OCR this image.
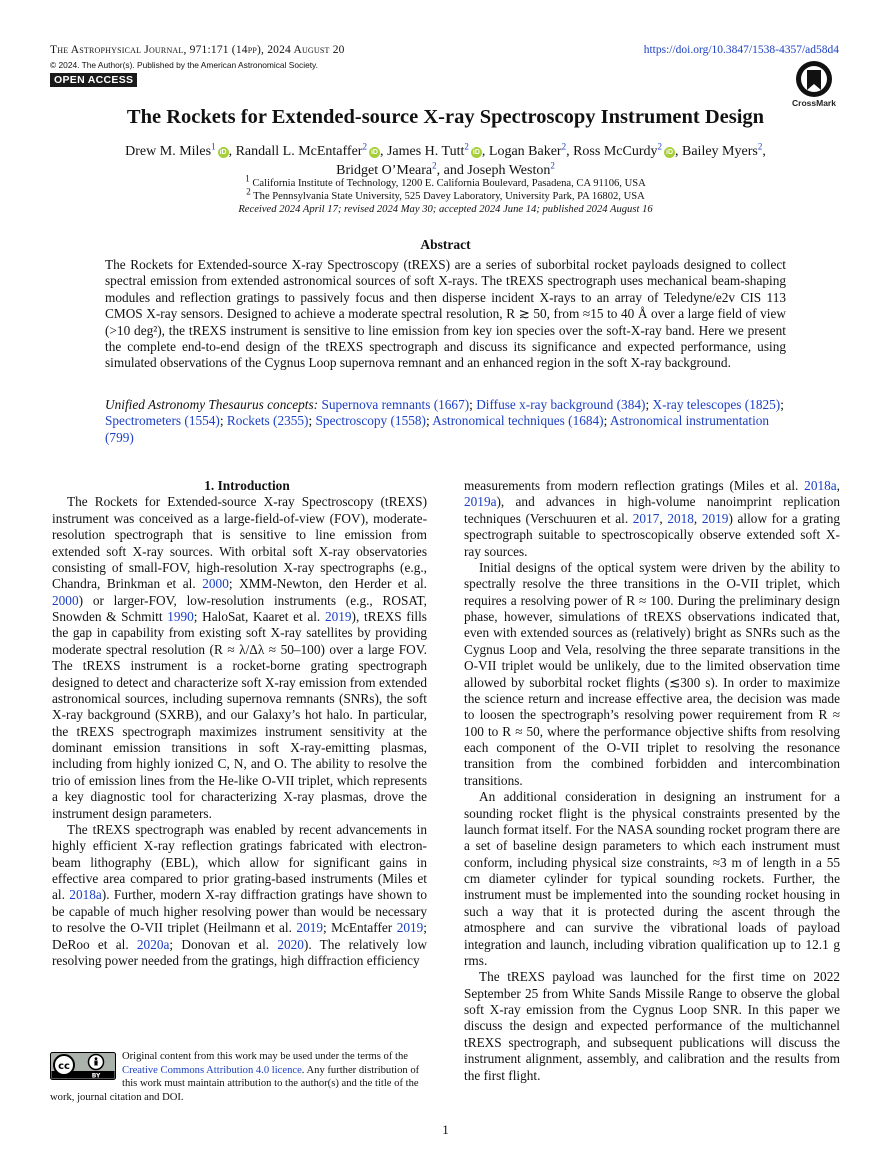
The Astrophysical Journal, 971:171 (14pp), 2024 August 20
© 2024. The Author(s). Published by the American Astronomical Society.
OPEN ACCESS
https://doi.org/10.3847/1538-4357/ad58d4
CrossMark
The Rockets for Extended-source X-ray Spectroscopy Instrument Design
Drew M. Miles$^1$iD , Randall L. McEntaffer$^2$iD , James H. Tutt$^2$iD , Logan Baker$^2$, Ross McCurdy$^2$iD , Bailey Myers$^2$,
Bridget O’Meara$^2$, and Joseph Weston$^2$
$^1$ California Institute of Technology, 1200 E. California Boulevard, Pasadena, CA 91106, USA
$^2$ The Pennsylvania State University, 525 Davey Laboratory, University Park, PA 16802, USA
Received 2024 April 17; revised 2024 May 30; accepted 2024 June 14; published 2024 August 16
Abstract
The Rockets for Extended-source X-ray Spectroscopy (tREXS) are a series of suborbital rocket payloads designed to collect spectral emission from extended astronomical sources of soft X-rays. The tREXS spectrograph uses mechanical beam-shaping modules and reflection gratings to passively focus and then disperse incident X-rays to an array of Teledyne/e2v CIS 113 CMOS X-ray sensors. Designed to achieve a moderate spectral resolution, R ≳ 50, from ≈15 to 40 Å over a large field of view (>10 deg²), the tREXS instrument is sensitive to line emission from key ion species over the soft-X-ray band. Here we present the complete end-to-end design of the tREXS spectrograph and discuss its significance and expected performance, using simulated observations of the Cygnus Loop supernova remnant and an enhanced region in the soft X-ray background.
Unified Astronomy Thesaurus concepts: Supernova remnants (1667); Diffuse x-ray background (384); X-ray telescopes (1825); Spectrometers (1554); Rockets (2355); Spectroscopy (1558); Astronomical techniques (1684); Astronomical instrumentation (799)

1. Introduction

The Rockets for Extended-source X-ray Spectroscopy (tREXS) instrument was conceived as a large-field-of-view (FOV), moderate-resolution spectrograph that is sensitive to line emission from extended soft X-ray sources. With orbital soft X-ray observatories consisting of small-FOV, high-resolution X-ray spectrographs (e.g., Chandra, Brinkman et al. 2000; XMM-Newton, den Herder et al. 2000) or larger-FOV, low-resolution instruments (e.g., ROSAT, Snowden & Schmitt 1990; HaloSat, Kaaret et al. 2019), tREXS fills the gap in capability from existing soft X-ray satellites by providing moderate spectral resolution (R ≈ λ/Δλ ≈ 50–100) over a large FOV. The tREXS instrument is a rocket-borne grating spectrograph designed to detect and characterize soft X-ray emission from extended astronomical sources, including supernova remnants (SNRs), the soft X-ray background (SXRB), and our Galaxy’s hot halo. In particular, the tREXS spectrograph maximizes instrument sensitivity at the dominant emission transitions in soft X-ray-emitting plasmas, including from highly ionized C, N, and O. The ability to resolve the trio of emission lines from the He-like O-VII triplet, which represents a key diagnostic tool for characterizing X-ray plasmas, drove the instrument design parameters.

The tREXS spectrograph was enabled by recent advancements in highly efficient X-ray reflection gratings fabricated with electron-beam lithography (EBL), which allow for significant gains in effective area compared to prior grating-based instruments (Miles et al. 2018a). Further, modern X-ray diffraction gratings have shown to be capable of much higher resolving power than would be necessary to resolve the O-VII triplet (Heilmann et al. 2019; McEntaffer 2019; DeRoo et al. 2020a; Donovan et al. 2020). The relatively low resolving power needed from the gratings, high diffraction efficiency

measurements from modern reflection gratings (Miles et al. 2018a, 2019a), and advances in high-volume nanoimprint replication techniques (Verschuuren et al. 2017, 2018, 2019) allow for a grating spectrograph suitable to spectroscopically observe extended soft X-ray sources.

Initial designs of the optical system were driven by the ability to spectrally resolve the three transitions in the O-VII triplet, which requires a resolving power of R ≈ 100. During the preliminary design phase, however, simulations of tREXS observations indicated that, even with extended sources as (relatively) bright as SNRs such as the Cygnus Loop and Vela, resolving the three separate transitions in the O-VII triplet would be unlikely, due to the limited observation time allowed by suborbital rocket flights (≲300 s). In order to maximize the science return and increase effective area, the decision was made to loosen the spectrograph’s resolving power requirement from R ≈ 100 to R ≈ 50, where the performance objective shifts from resolving each component of the O-VII triplet to resolving the resonance transition from the combined forbidden and intercombination transitions.

An additional consideration in designing an instrument for a sounding rocket flight is the physical constraints presented by the launch format itself. For the NASA sounding rocket program there are a set of baseline design parameters to which each instrument must conform, including physical size constraints, ≈3 m of length in a 55 cm diameter cylinder for typical sounding rockets. Further, the instrument must be implemented into the sounding rocket housing in such a way that it is protected during the ascent through the atmosphere and can survive the vibrational loads of payload integration and launch, including vibration qualification up to 12.1 g rms.

The tREXS payload was launched for the first time on 2022 September 25 from White Sands Missile Range to observe the global soft X-ray emission from the Cygnus Loop SNR. In this paper we discuss the design and expected performance of the multichannel tREXS spectrograph, and subsequent publications will discuss the instrument alignment, assembly, and calibration and the results from the first flight.

cc
BY
Original content from this work may be used under the terms of the Creative Commons Attribution 4.0 licence. Any further distribution of this work must maintain attribution to the author(s) and the title of the work, journal citation and DOI.
1
